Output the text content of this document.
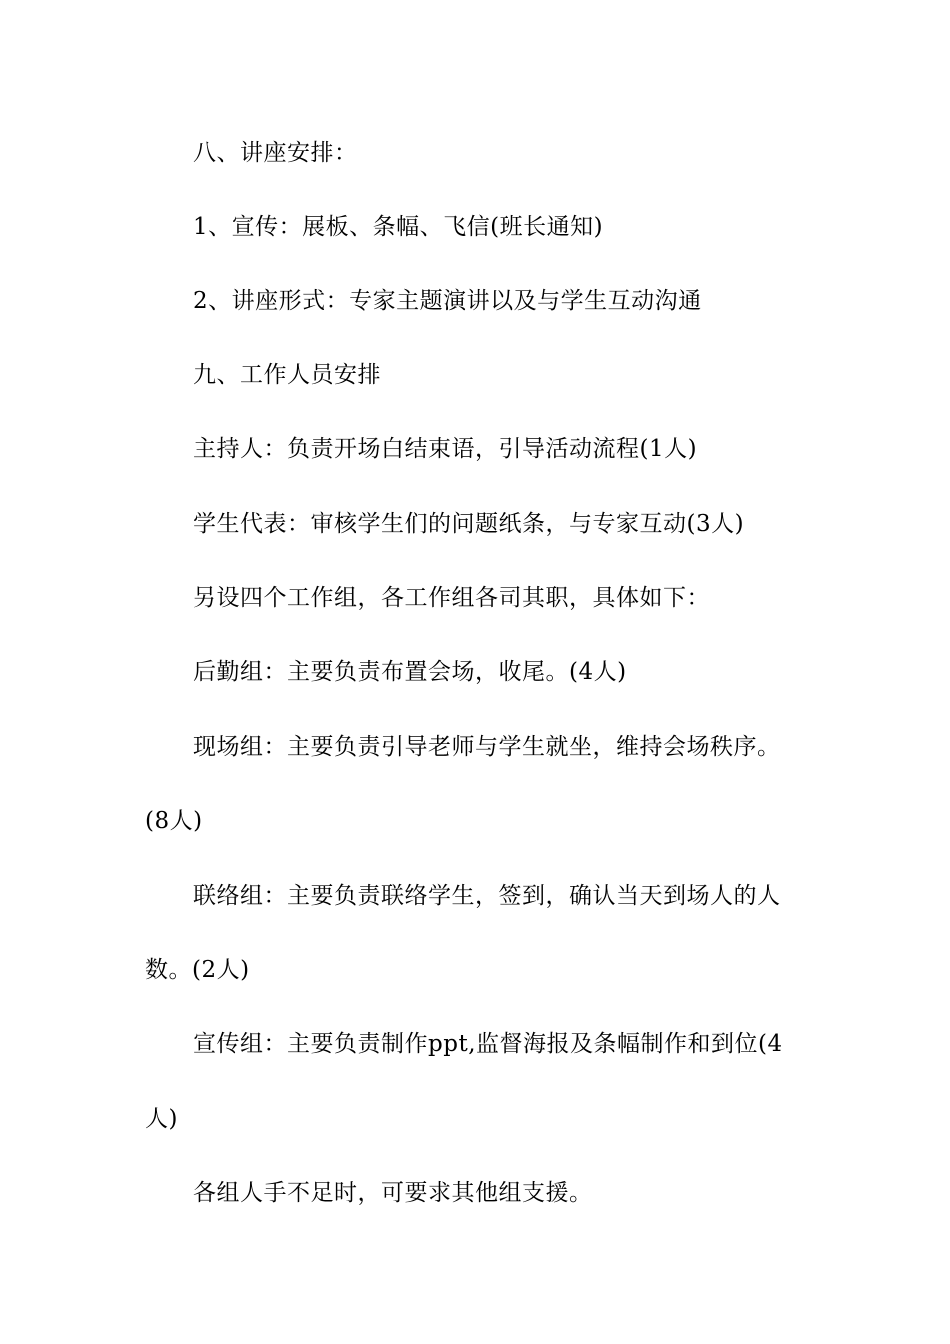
八、讲座安排：

1、宣传：展板、条幅、飞信(班长通知)

2、讲座形式：专家主题演讲以及与学生互动沟通

九、工作人员安排

主持人：负责开场白结束语，引导活动流程(1人)

学生代表：审核学生们的问题纸条，与专家互动(3人)

另设四个工作组，各工作组各司其职，具体如下：

后勤组：主要负责布置会场，收尾。(4人)

现场组：主要负责引导老师与学生就坐，维持会场秩序。

(8人)

联络组：主要负责联络学生，签到，确认当天到场人的人

数。(2人)

宣传组：主要负责制作ppt,监督海报及条幅制作和到位(4

人)

各组人手不足时，可要求其他组支援。
